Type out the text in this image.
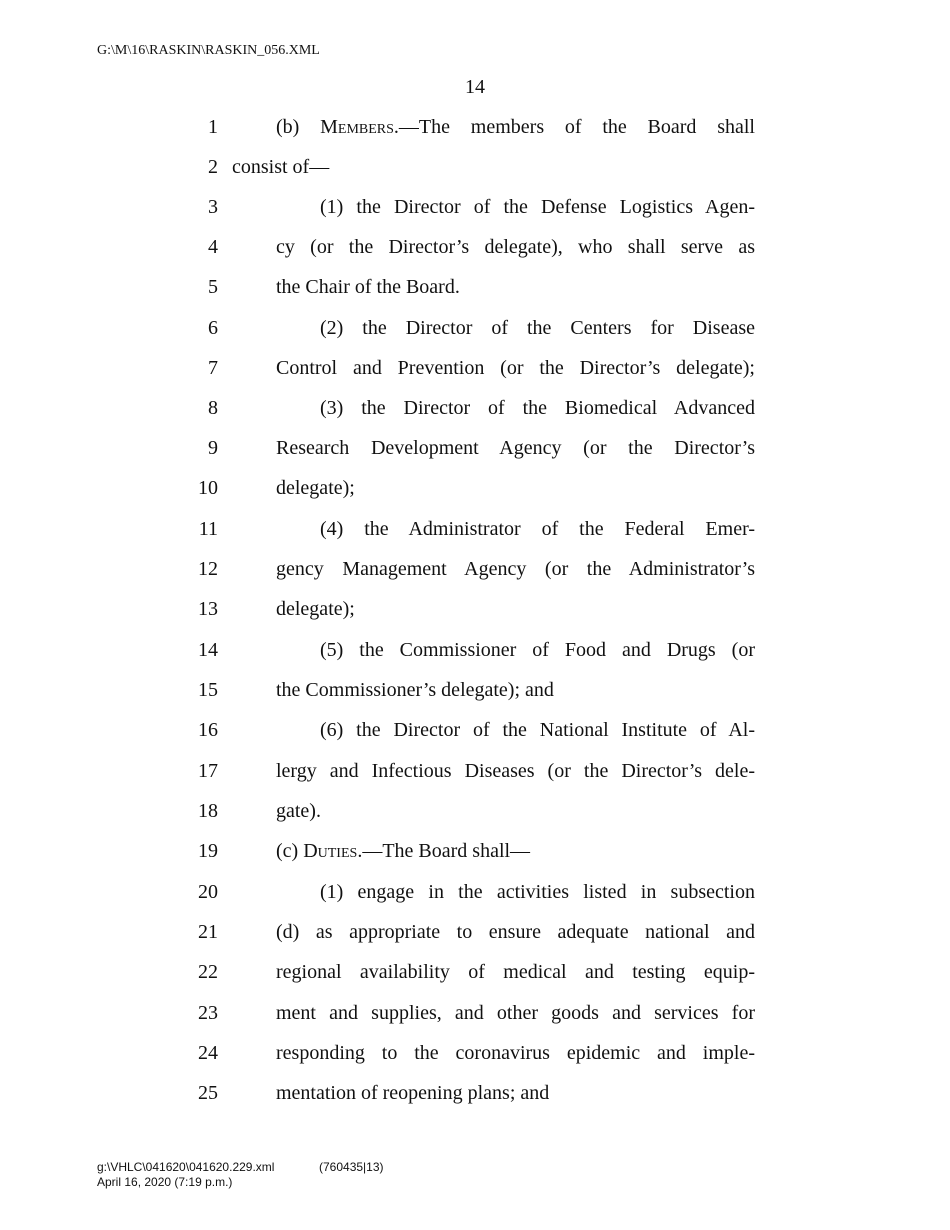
G:\M\16\RASKIN\RASKIN_056.XML
14
1	(b) Members.—The members of the Board shall
2 consist of—
3	(1) the Director of the Defense Logistics Agen-
4	cy (or the Director’s delegate), who shall serve as
5	the Chair of the Board.
6	(2) the Director of the Centers for Disease
7	Control and Prevention (or the Director’s delegate);
8	(3) the Director of the Biomedical Advanced
9	Research Development Agency (or the Director’s
10	delegate);
11	(4) the Administrator of the Federal Emer-
12	gency Management Agency (or the Administrator’s
13	delegate);
14	(5) the Commissioner of Food and Drugs (or
15	the Commissioner’s delegate); and
16	(6) the Director of the National Institute of Al-
17	lergy and Infectious Diseases (or the Director’s dele-
18	gate).
19	(c) Duties.—The Board shall—
20	(1) engage in the activities listed in subsection
21	(d) as appropriate to ensure adequate national and
22	regional availability of medical and testing equip-
23	ment and supplies, and other goods and services for
24	responding to the coronavirus epidemic and imple-
25	mentation of reopening plans; and
g:\VHLC\041620\041620.229.xml	(760435|13)
April 16, 2020 (7:19 p.m.)
